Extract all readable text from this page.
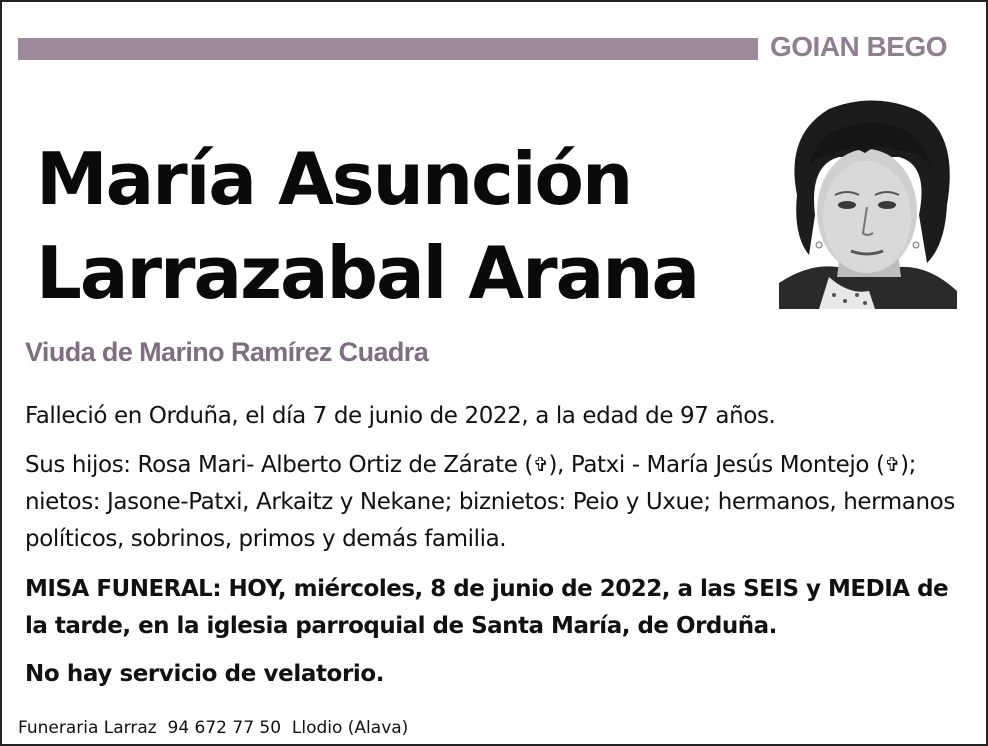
GOIAN BEGO
María Asunción
Larrazabal Arana
Viuda de Marino Ramírez Cuadra
Falleció en Orduña, el día 7 de junio de 2022, a la edad de 97 años.
Sus hijos: Rosa Mari- Alberto Ortiz de Zárate (✞), Patxi - María Jesús Montejo (✞); nietos: Jasone-Patxi, Arkaitz y Nekane; biznietos: Peio y Uxue; hermanos, hermanos políticos, sobrinos, primos y demás familia.
MISA FUNERAL: HOY, miércoles, 8 de junio de 2022, a las SEIS y MEDIA de la tarde, en la iglesia parroquial de Santa María, de Orduña.
No hay servicio de velatorio.
Funeraria Larraz  94 672 77 50  Llodio (Alava)
